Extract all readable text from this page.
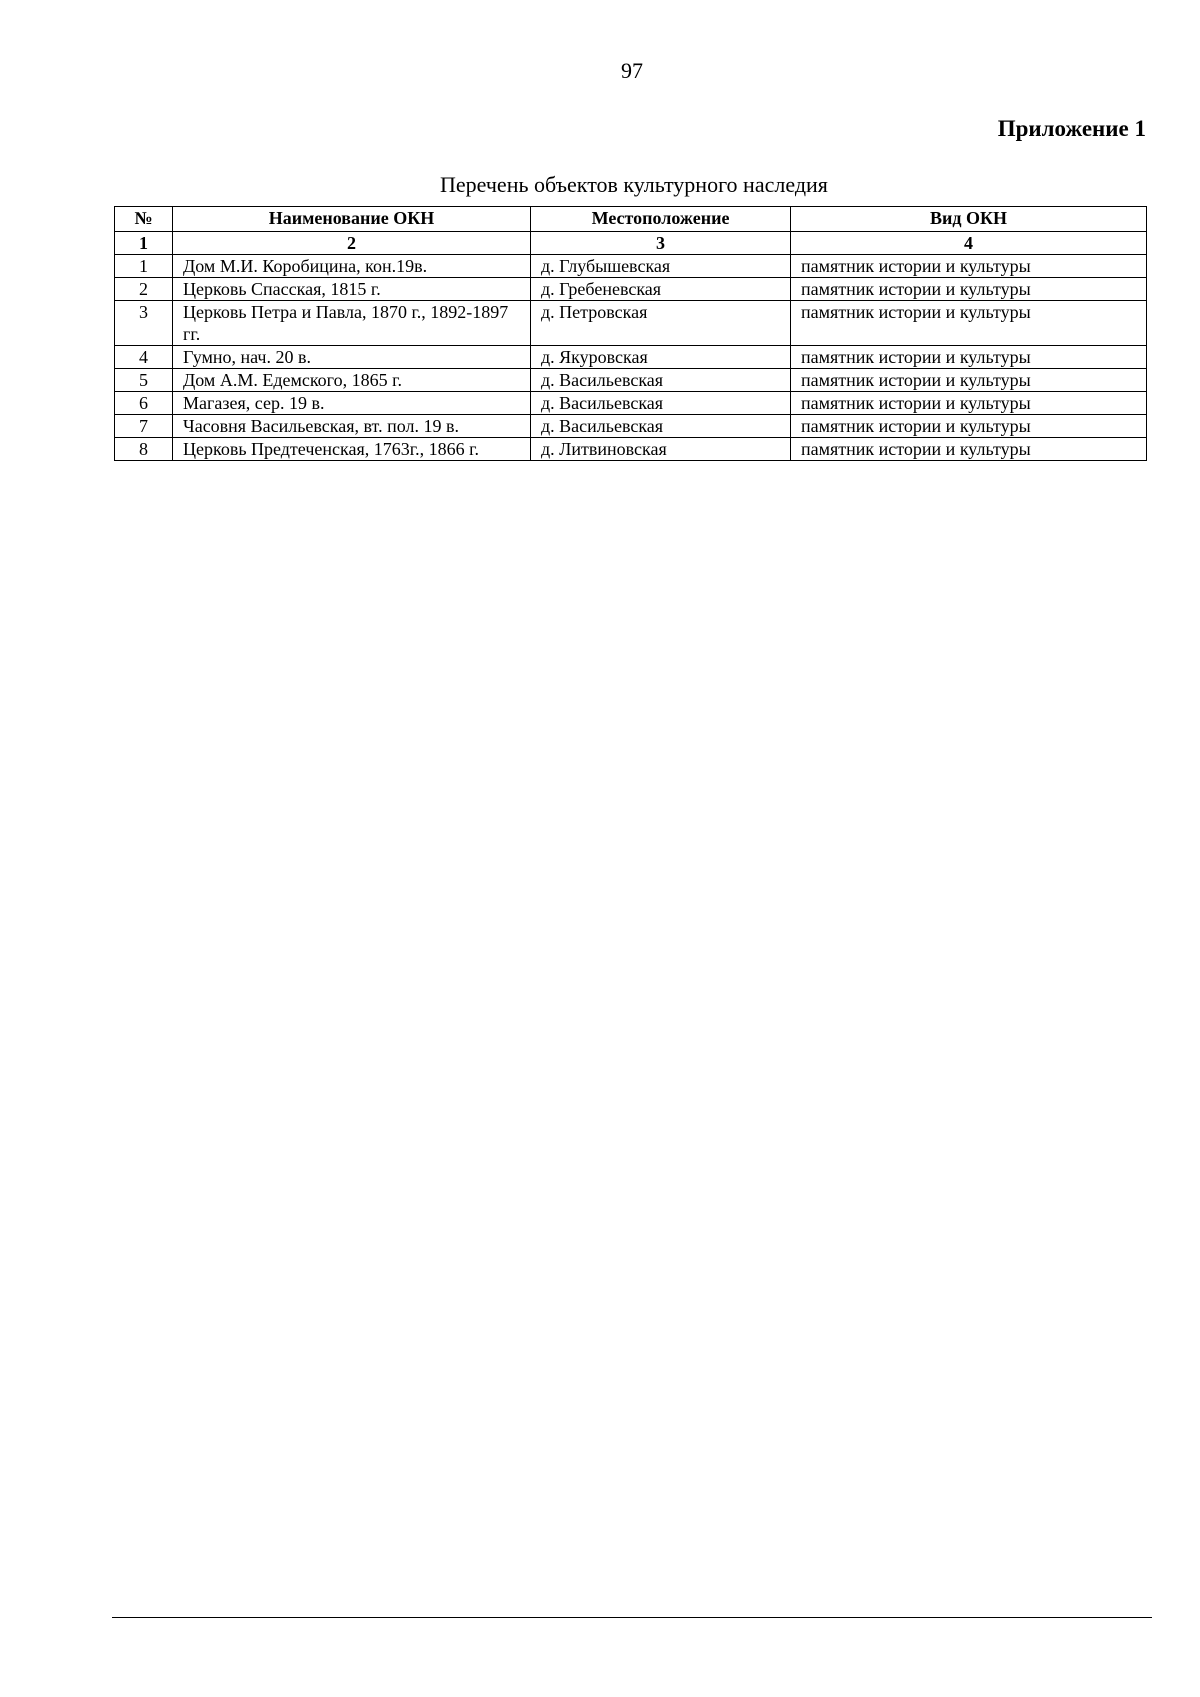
97
Приложение 1
Перечень объектов культурного наследия
№	Наименование ОКН	Местоположение	Вид ОКН
1	2	3	4
1	Дом М.И. Коробицина, кон.19в.	д. Глубышевская	памятник истории и культуры
2	Церковь Спасская, 1815 г.	д. Гребеневская	памятник истории и культуры
3	Церковь Петра и Павла, 1870 г., 1892-1897 гг.	д. Петровская	памятник истории и культуры
4	Гумно, нач. 20 в.	д. Якуровская	памятник истории и культуры
5	Дом А.М. Едемского, 1865 г.	д. Васильевская	памятник истории и культуры
6	Магазея, сер. 19 в.	д. Васильевская	памятник истории и культуры
7	Часовня Васильевская, вт. пол. 19 в.	д. Васильевская	памятник истории и культуры
8	Церковь Предтеченская, 1763г., 1866 г.	д. Литвиновская	памятник истории и культуры
